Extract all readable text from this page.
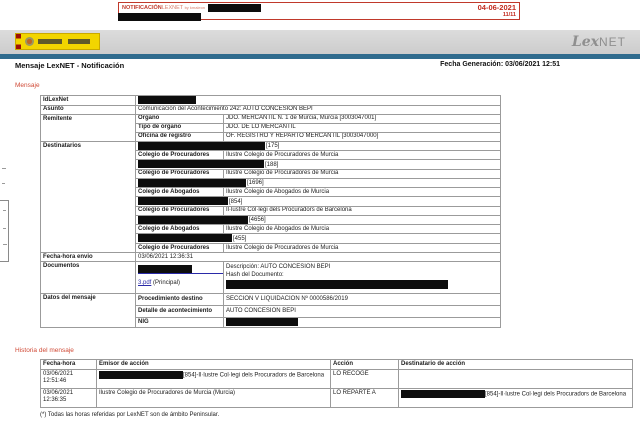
NOTIFICACIÓNLEXNET by kmaleon	04-06-2021
11/11
LexNET
Mensaje LexNET - Notificación	Fecha Generación: 03/06/2021 12:51
Mensaje
IdLexNet		
Asunto	Comunicación del Acontecimiento 242: AUTO CONCESION BEPI	
Remitente	Órgano	JDO. MERCANTIL N. 1 de Murcia, Murcia [3003047001]
	Tipo de órgano	JDO. DE LO MERCANTIL
	Oficina de registro	OF. REGISTRO Y REPARTO MERCANTIL [3003047000]
Destinatarios	[175]	
	Colegio de Procuradores	Ilustre Colegio de Procuradores de Murcia
	[188]	
	Colegio de Procuradores	Ilustre Colegio de Procuradores de Murcia
	[1696]	
	Colegio de Abogados	Ilustre Colegio de Abogados de Murcia
	[854]	
	Colegio de Procuradores	Il·lustre Col·legi dels Procuradors de Barcelona
	[4656]	
	Colegio de Abogados	Ilustre Colegio de Abogados de Murcia
	[455]	
	Colegio de Procuradores	Ilustre Colegio de Procuradores de Murcia
Fecha-hora envio	03/06/2021 12:36:31	
Documentos	3.pdf (Principal)	Descripción: AUTO CONCESION BEPI
Hash del Documento:

Datos del mensaje	Procedimiento destino	SECCION V LIQUIDACION Nº 0000586/2019
	Detalle de acontecimiento	AUTO CONCESION BEPI
	NIG	
Historia del mensaje
Fecha-hora	Emisor de acción	Acción	Destinatario de acción
03/06/2021 12:51:46	[854]-Il·lustre Col·legi dels Procuradors de Barcelona	LO RECOGE	
03/06/2021 12:36:35	Ilustre Colegio de Procuradores de Murcia (Murcia)	LO REPARTE A	[854]-Il·lustre Col·legi dels Procuradors de Barcelona
(*) Todas las horas referidas por LexNET son de ámbito Peninsular.
